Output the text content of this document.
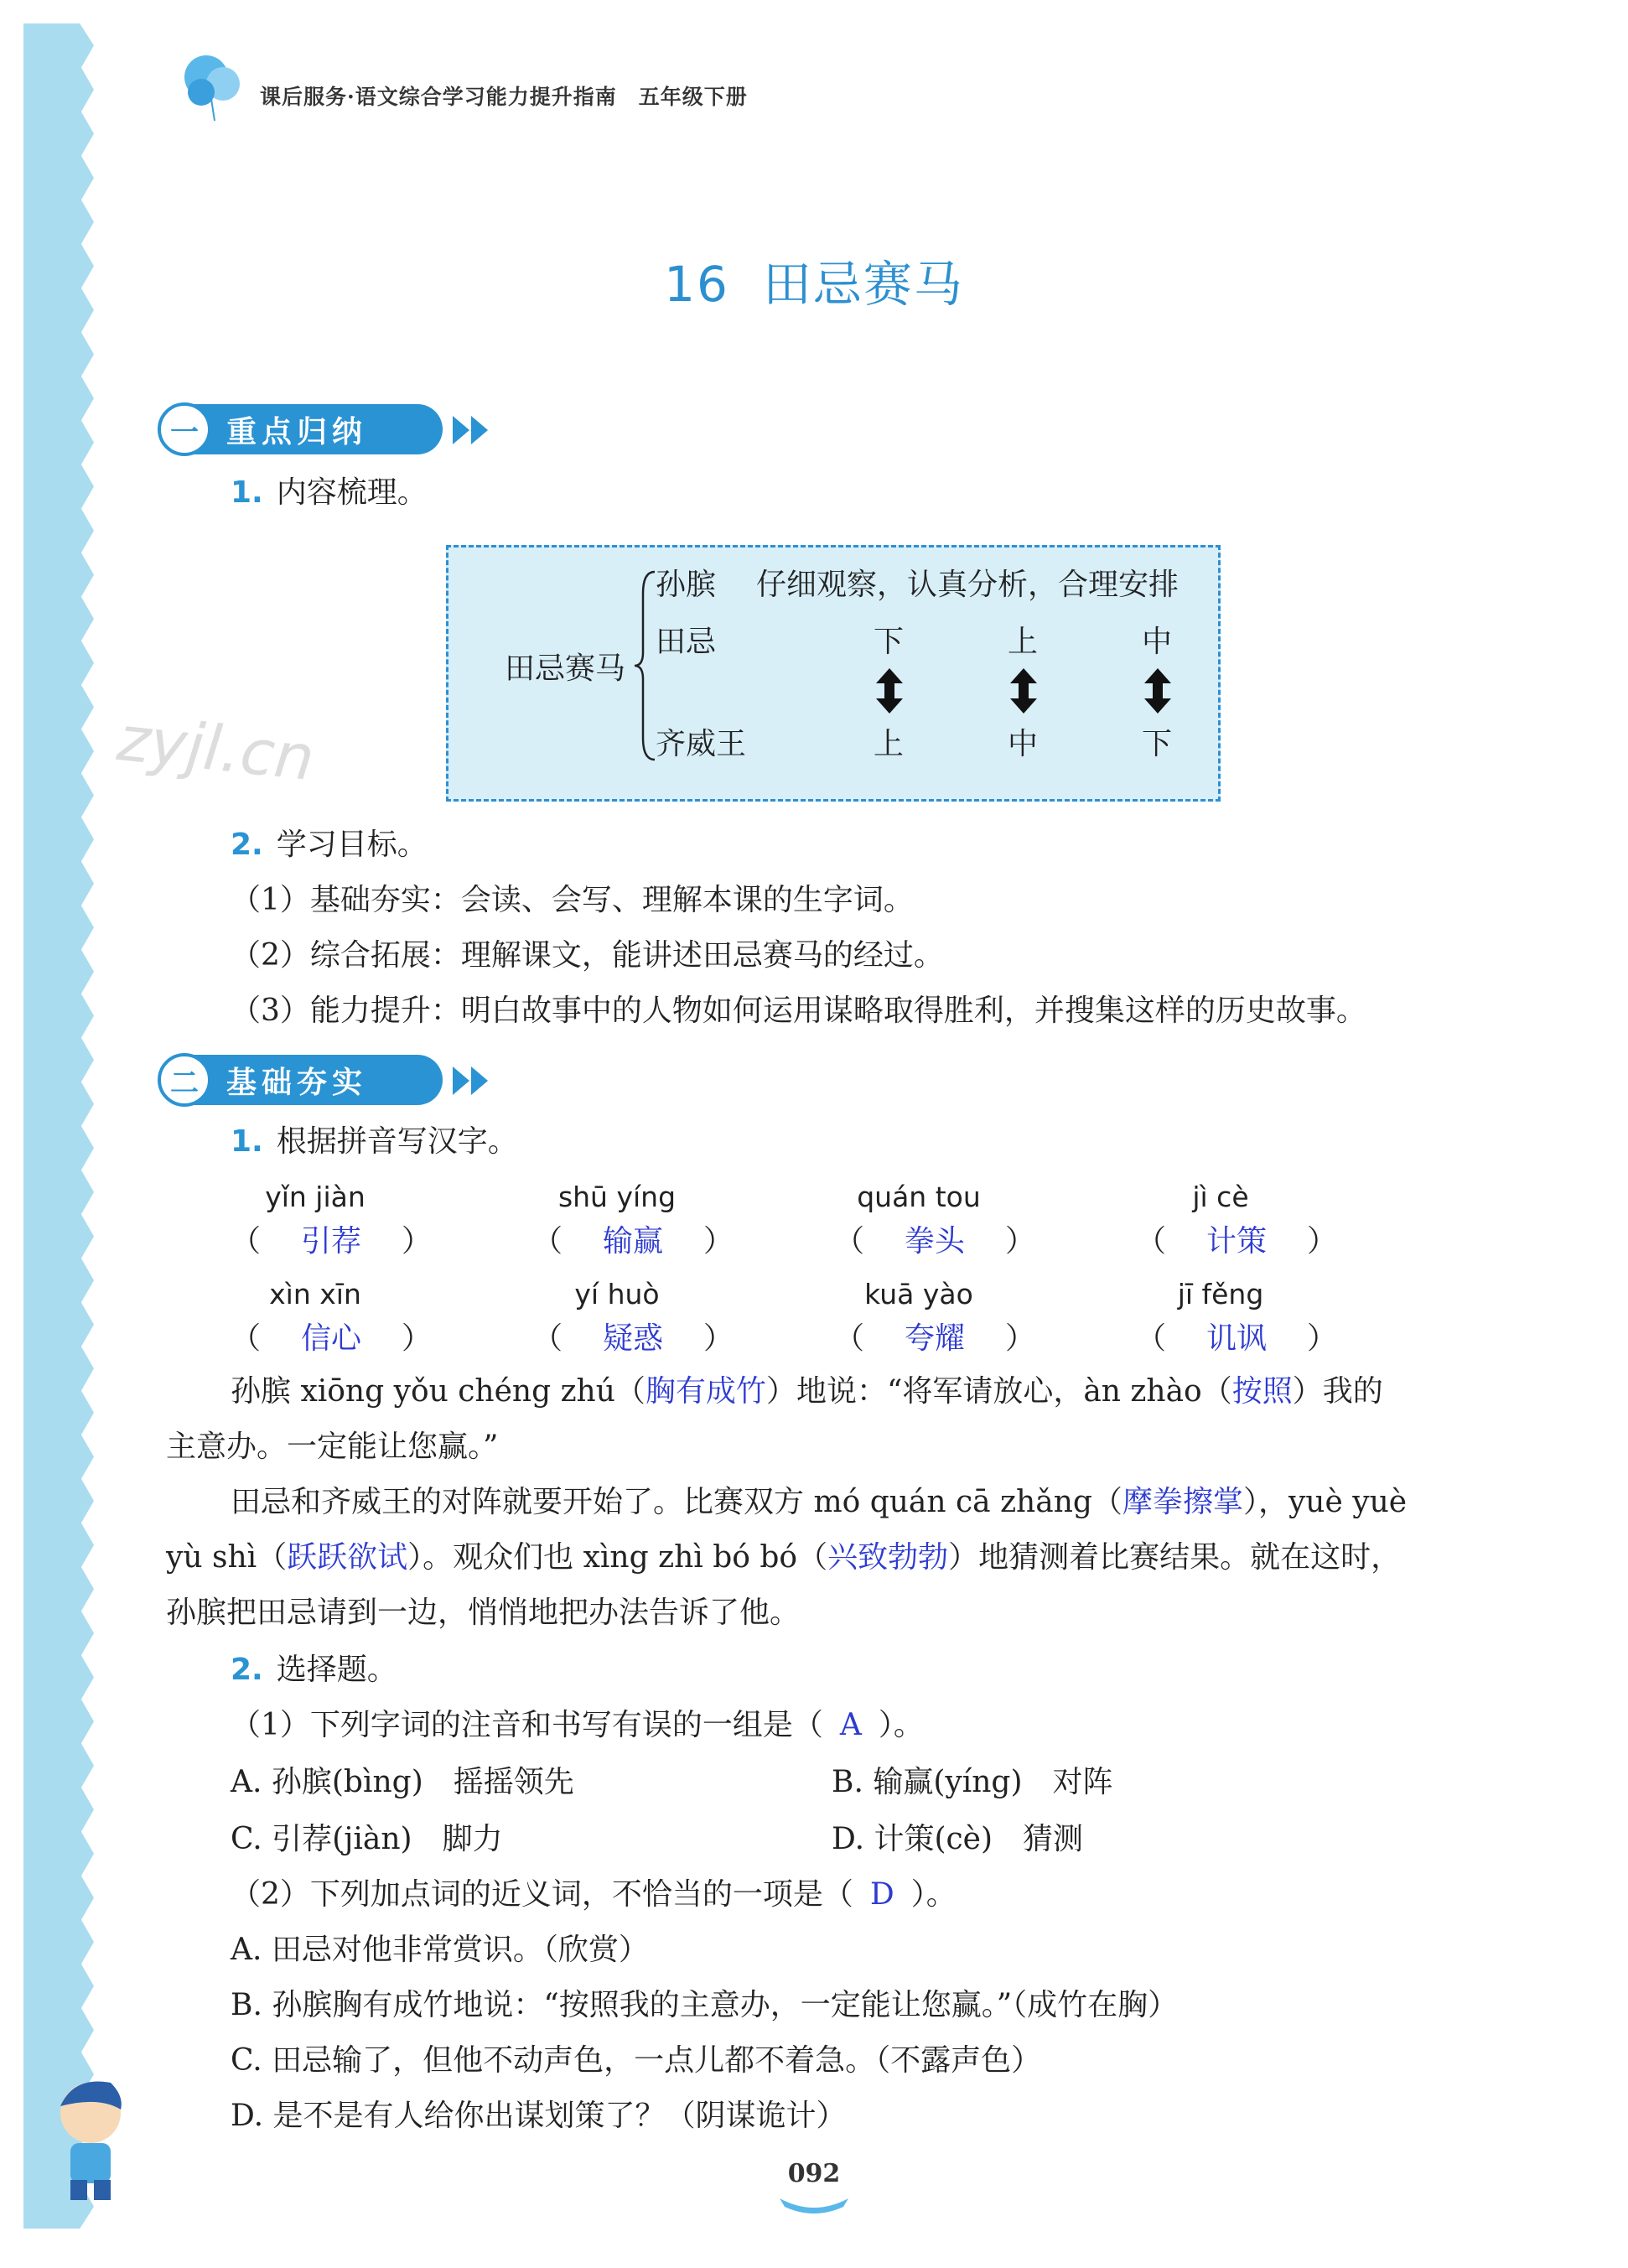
课后服务·语文综合学习能力提升指南　五年级下册
16 田忌赛马
一 重点归纳
1. 内容梳理。
田忌赛马
孙膑 仔细观察，认真分析，合理安排
田忌	下	上	中
齐威王	上	中	下
zyjl.cn
2. 学习目标。
（1）基础夯实：会读、会写、理解本课的生字词。
（2）综合拓展：理解课文，能讲述田忌赛马的经过。
（3）能力提升：明白故事中的人物如何运用谋略取得胜利，并搜集这样的历史故事。
二 基础夯实
1. 根据拼音写汉字。
yǐn jiàn	shū yíng	quán tou	jì cè
（	引荐	）	（	输赢	）	（	拳头	）	（	计策	）
xìn xīn	yí huò	kuā yào	jī fěng
（	信心	）	（	疑惑	）	（	夸耀	）	（	讥讽	）
孙膑 xiōng yǒu chéng zhú（胸有成竹）地说：“将军请放心，àn zhào（按照）我的
主意办。一定能让您赢。”
田忌和齐威王的对阵就要开始了。比赛双方 mó quán cā zhǎng（摩拳擦掌），yuè yuè
yù shì（跃跃欲试）。观众们也 xìng zhì bó bó（兴致勃勃）地猜测着比赛结果。就在这时，
孙膑把田忌请到一边，悄悄地把办法告诉了他。
2. 选择题。
（1）下列字词的注音和书写有误的一组是（ A ）。
A. 孙膑(bìng)　摇摇领先	B. 输赢(yíng)　对阵
C. 引荐(jiàn)　脚力	D. 计策(cè)　猜测
（2）下列加点词的近义词，不恰当的一项是（ D ）。
A. 田忌对他非常赏识。（欣赏）
B. 孙膑胸有成竹地说：“按照我的主意办，一定能让您赢。”（成竹在胸）
C. 田忌输了，但他不动声色，一点儿都不着急。（不露声色）
D. 是不是有人给你出谋划策了？（阴谋诡计）
092
